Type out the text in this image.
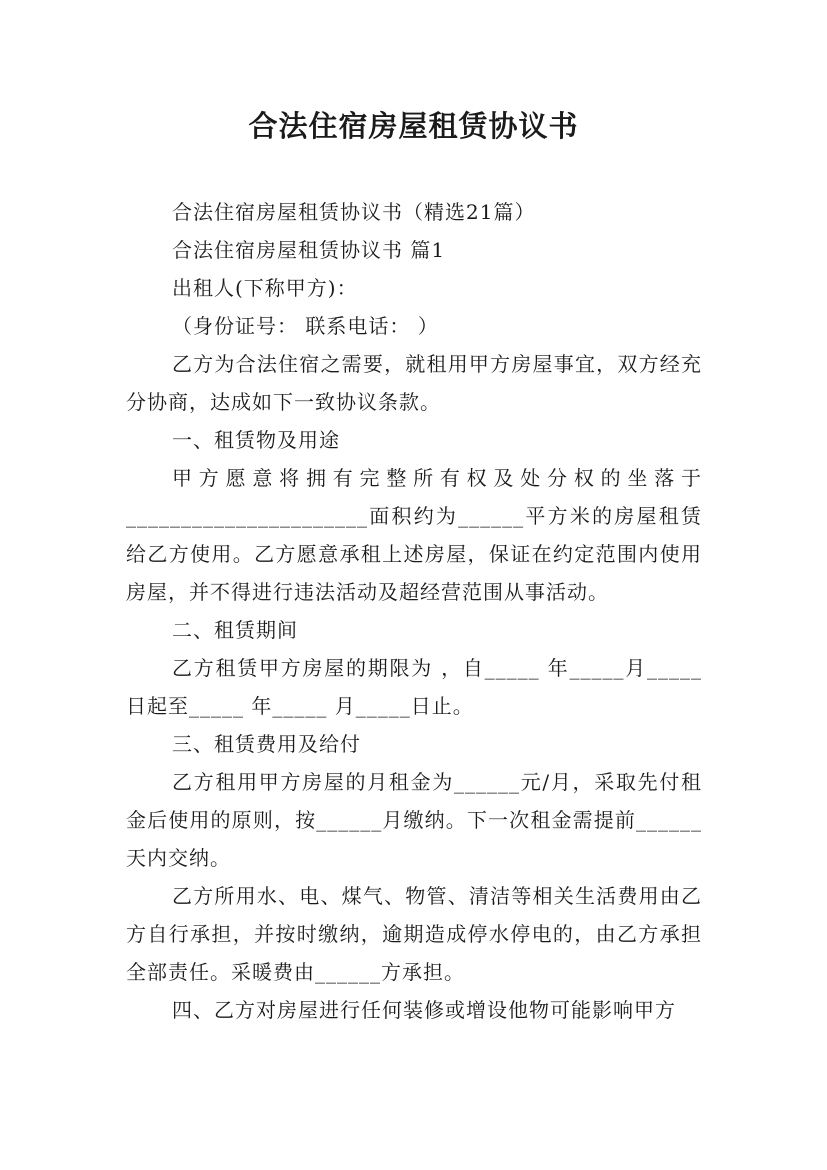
合法住宿房屋租赁协议书

合法住宿房屋租赁协议书（精选21篇）

合法住宿房屋租赁协议书 篇1

出租人(下称甲方)：

（身份证号： 联系电话： ）

乙方为合法住宿之需要，就租用甲方房屋事宜，双方经充分协商，达成如下一致协议条款。

一、租赁物及用途

甲方愿意将拥有完整所有权及处分权的坐落于______________________面积约为______平方米的房屋租赁给乙方使用。乙方愿意承租上述房屋，保证在约定范围内使用房屋，并不得进行违法活动及超经营范围从事活动。

二、租赁期间

乙方租赁甲方房屋的期限为 ，自_____ 年_____月_____日起至_____ 年_____ 月_____日止。

三、租赁费用及给付

乙方租用甲方房屋的月租金为______元/月，采取先付租金后使用的原则，按______月缴纳。下一次租金需提前______天内交纳。

乙方所用水、电、煤气、物管、清洁等相关生活费用由乙方自行承担，并按时缴纳，逾期造成停水停电的，由乙方承担全部责任。采暖费由______方承担。

四、乙方对房屋进行任何装修或增设他物可能影响甲方
